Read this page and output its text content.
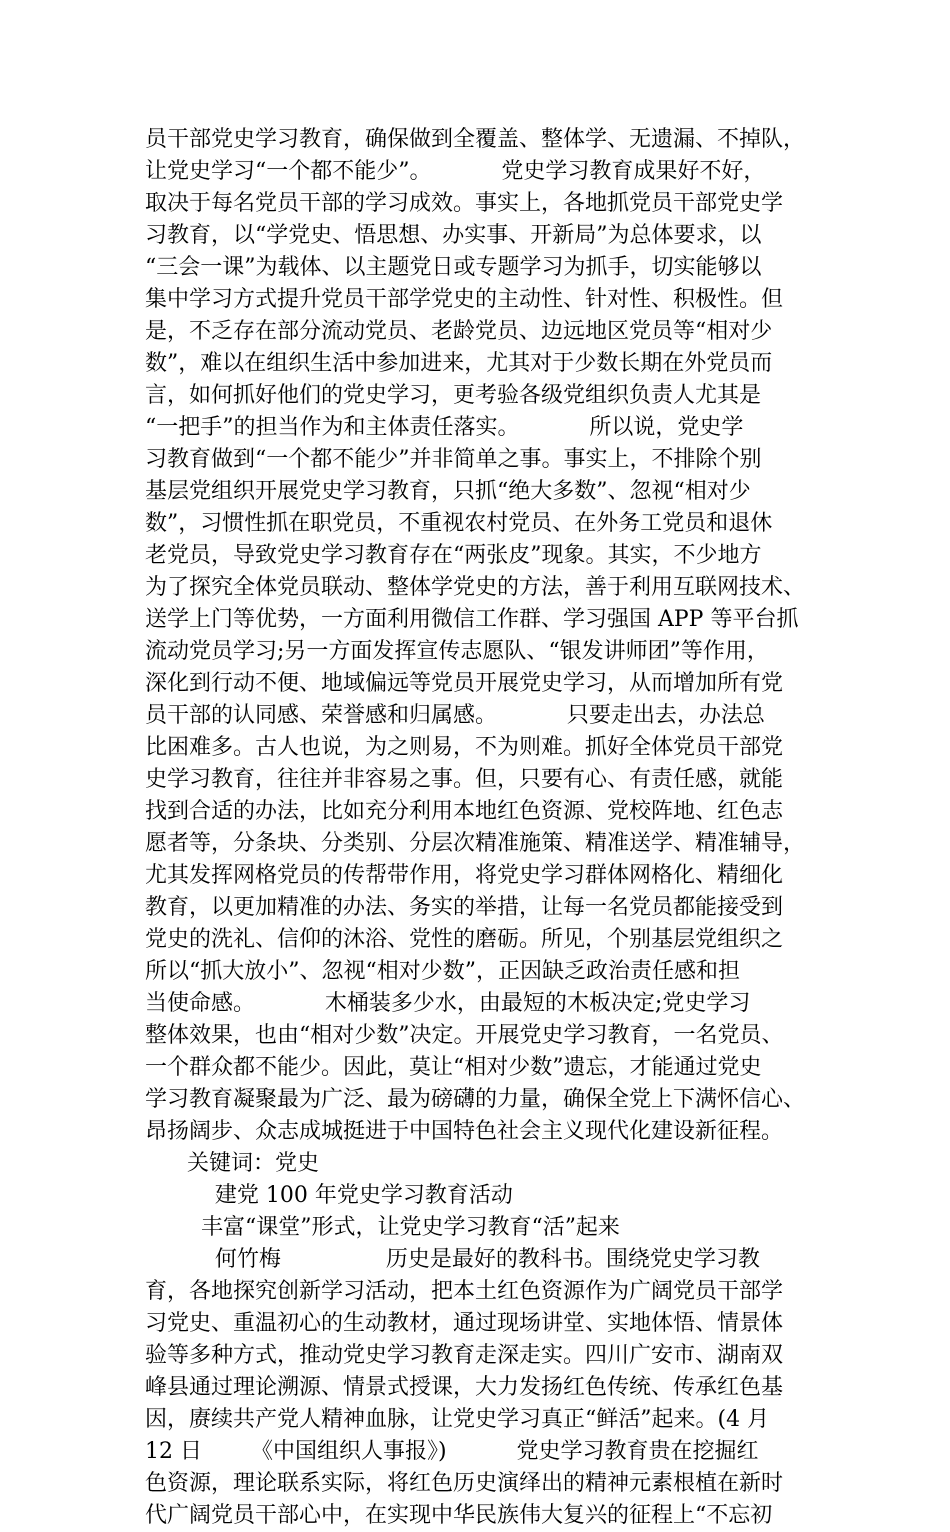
员干部党史学习教育，确保做到全覆盖、整体学、无遗漏、不掉队，
让党史学习“一个都不能少”。          党史学习教育成果好不好，
取决于每名党员干部的学习成效。事实上，各地抓党员干部党史学
习教育，以“学党史、悟思想、办实事、开新局”为总体要求，以
“三会一课”为载体、以主题党日或专题学习为抓手，切实能够以
集中学习方式提升党员干部学党史的主动性、针对性、积极性。但
是，不乏存在部分流动党员、老龄党员、边远地区党员等“相对少
数”，难以在组织生活中参加进来，尤其对于少数长期在外党员而
言，如何抓好他们的党史学习，更考验各级党组织负责人尤其是
“一把手”的担当作为和主体责任落实。          所以说，党史学
习教育做到“一个都不能少”并非简单之事。事实上，不排除个别
基层党组织开展党史学习教育，只抓“绝大多数”、忽视“相对少
数”，习惯性抓在职党员，不重视农村党员、在外务工党员和退休
老党员，导致党史学习教育存在“两张皮”现象。其实，不少地方
为了探究全体党员联动、整体学党史的方法，善于利用互联网技术、
送学上门等优势，一方面利用微信工作群、学习强国 APP 等平台抓
流动党员学习;另一方面发挥宣传志愿队、“银发讲师团”等作用，
深化到行动不便、地域偏远等党员开展党史学习，从而增加所有党
员干部的认同感、荣誉感和归属感。          只要走出去，办法总
比困难多。古人也说，为之则易，不为则难。抓好全体党员干部党
史学习教育，往往并非容易之事。但，只要有心、有责任感，就能
找到合适的办法，比如充分利用本地红色资源、党校阵地、红色志
愿者等，分条块、分类别、分层次精准施策、精准送学、精准辅导，
尤其发挥网格党员的传帮带作用，将党史学习群体网格化、精细化
教育，以更加精准的办法、务实的举措，让每一名党员都能接受到
党史的洗礼、信仰的沐浴、党性的磨砺。所见，个别基层党组织之
所以“抓大放小”、忽视“相对少数”，正因缺乏政治责任感和担
当使命感。          木桶装多少水，由最短的木板决定;党史学习
整体效果，也由“相对少数”决定。开展党史学习教育，一名党员、
一个群众都不能少。因此，莫让“相对少数”遗忘，才能通过党史
学习教育凝聚最为广泛、最为磅礴的力量，确保全党上下满怀信心、
昂扬阔步、众志成城挺进于中国特色社会主义现代化建设新征程。
关键词：党史
建党 100 年党史学习教育活动
丰富“课堂”形式，让党史学习教育“活”起来
何竹梅               历史是最好的教科书。围绕党史学习教
育，各地探究创新学习活动，把本土红色资源作为广阔党员干部学
习党史、重温初心的生动教材，通过现场讲堂、实地体悟、情景体
验等多种方式，推动党史学习教育走深走实。四川广安市、湖南双
峰县通过理论溯源、情景式授课，大力发扬红色传统、传承红色基
因，赓续共产党人精神血脉，让党史学习真正“鲜活”起来。(4 月
12 日       《中国组织人事报》)          党史学习教育贵在挖掘红
色资源，理论联系实际，将红色历史演绎出的精神元素根植在新时
代广阔党员干部心中，在实现中华民族伟大复兴的征程上“不忘初
